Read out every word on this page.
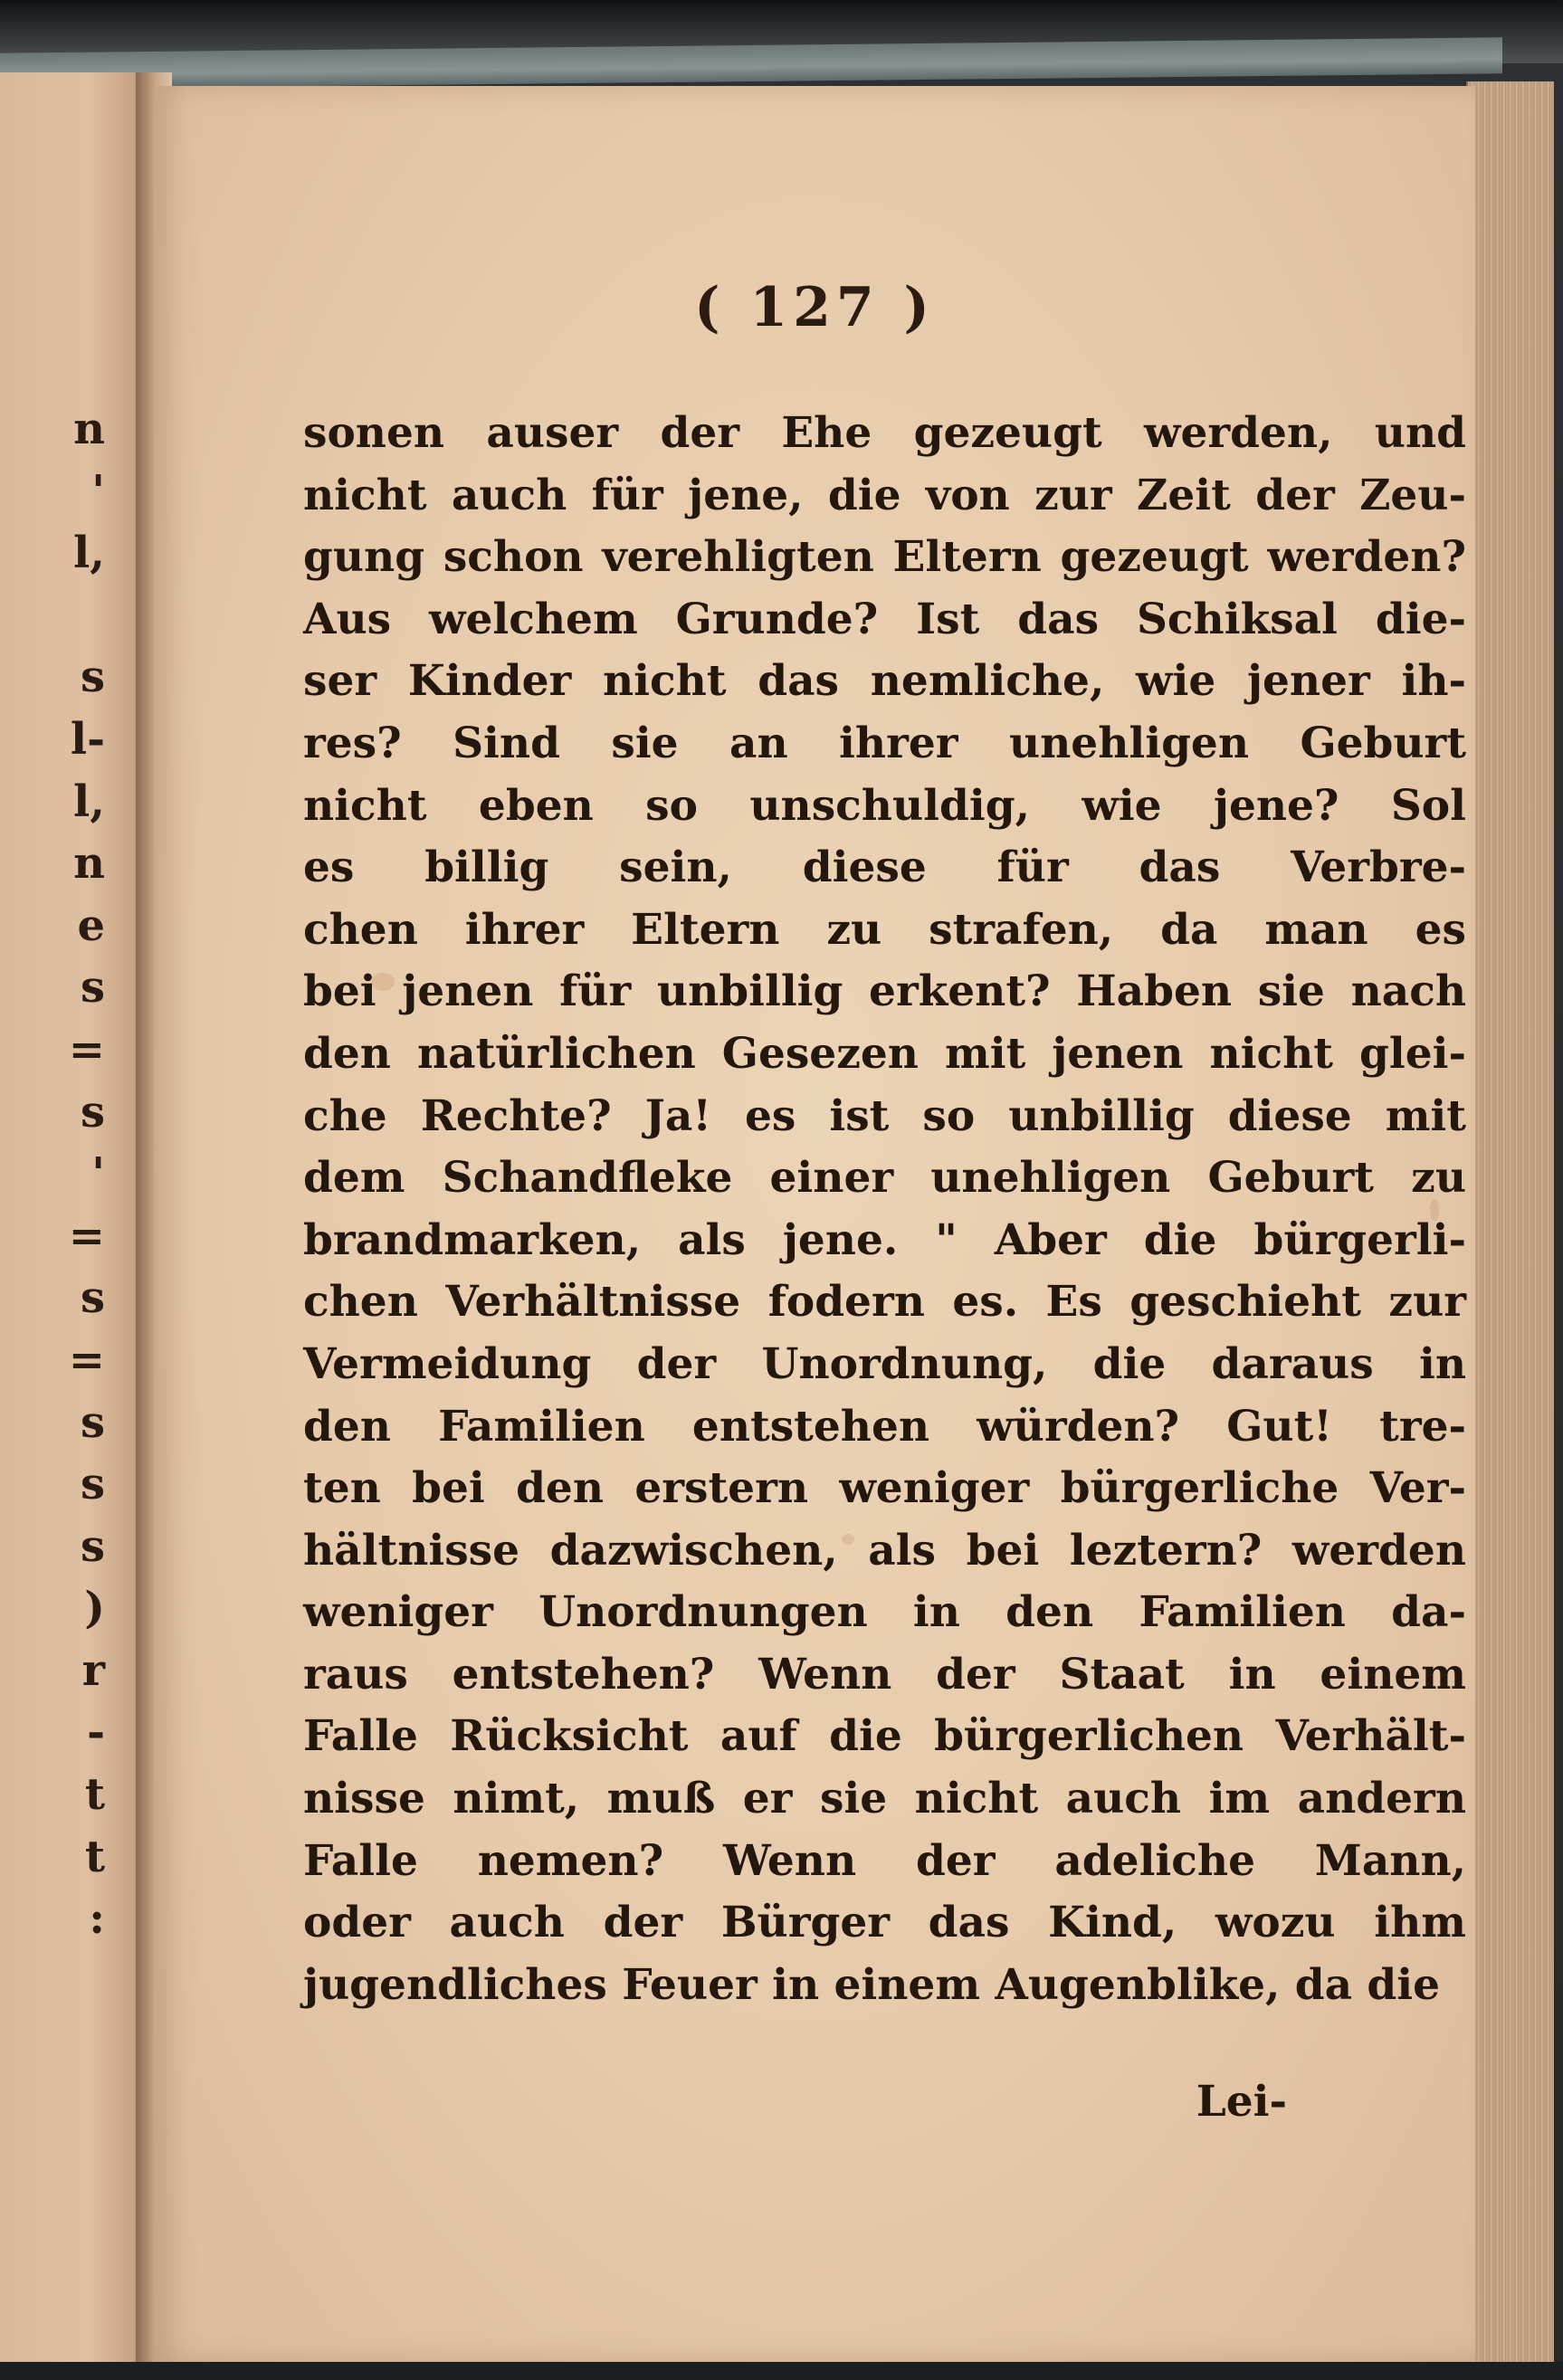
n
'
l,
s
l-
l,
n
e
s
=
s
'
=
s
=
s
s
s
)
r
-
t
t
:
( 127 )
sonen auser der Ehe gezeugt werden, und
nicht auch für jene, die von zur Zeit der Zeu-
gung schon verehligten Eltern gezeugt werden?
Aus welchem Grunde? Ist das Schiksal die-
ser Kinder nicht das nemliche, wie jener ih-
res? Sind sie an ihrer unehligen Geburt
nicht eben so unschuldig, wie jene? Sol
es billig sein, diese für das Verbre-
chen ihrer Eltern zu strafen, da man es
bei jenen für unbillig erkent? Haben sie nach
den natürlichen Gesezen mit jenen nicht glei-
che Rechte? Ja! es ist so unbillig diese mit
dem Schandfleke einer unehligen Geburt zu
brandmarken, als jene. " Aber die bürgerli-
chen Verhältnisse fodern es. Es geschieht zur
Vermeidung der Unordnung, die daraus in
den Familien entstehen würden? Gut! tre-
ten bei den erstern weniger bürgerliche Ver-
hältnisse dazwischen, als bei leztern? werden
weniger Unordnungen in den Familien da-
raus entstehen? Wenn der Staat in einem
Falle Rücksicht auf die bürgerlichen Verhält-
nisse nimt, muß er sie nicht auch im andern
Falle nemen? Wenn der adeliche Mann,
oder auch der Bürger das Kind, wozu ihm
jugendliches Feuer in einem Augenblike, da die
Lei-
